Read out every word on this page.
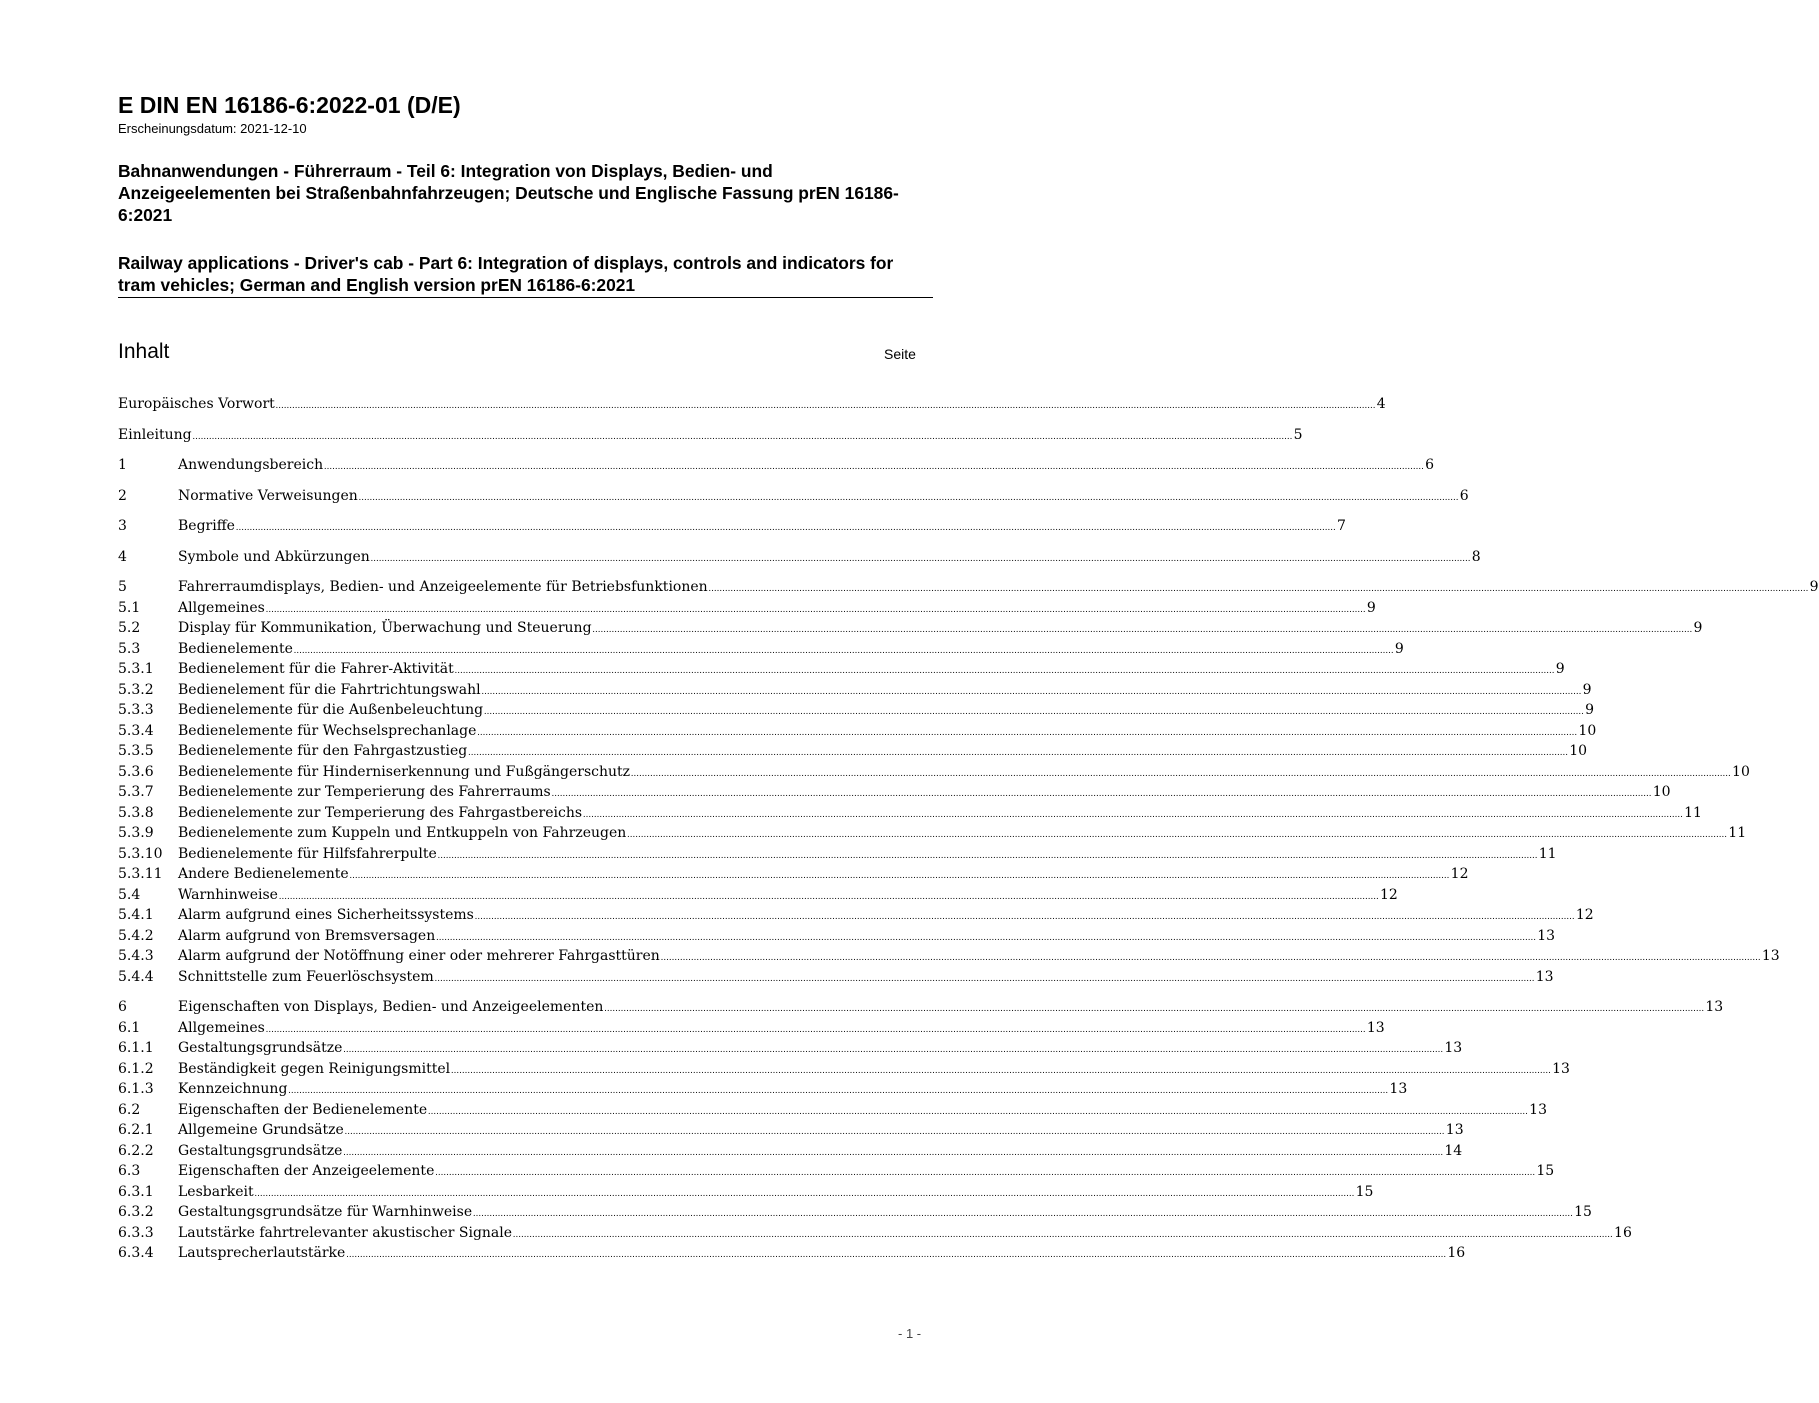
E DIN EN 16186-6:2022-01 (D/E)
Erscheinungsdatum: 2021-12-10
Bahnanwendungen - Führerraum - Teil 6: Integration von Displays, Bedien- und Anzeigeelementen bei Straßenbahnfahrzeugen; Deutsche und Englische Fassung prEN 16186-6:2021
Railway applications - Driver's cab - Part 6: Integration of displays, controls and indicators for tram vehicles; German and English version prEN 16186-6:2021
Inhalt	Seite
Europäisches Vorwort ................................................................................................................................................................................................................................................................................................................................................................................................................ 4
Einleitung ................................................................................................................................................................................................................................................................................................................................................................................................................ 5
1	Anwendungsbereich ................................................................................................................................................................................................................................................................................................................................................................................................................ 6
2	Normative Verweisungen ................................................................................................................................................................................................................................................................................................................................................................................................................ 6
3	Begriffe ................................................................................................................................................................................................................................................................................................................................................................................................................ 7
4	Symbole und Abkürzungen ................................................................................................................................................................................................................................................................................................................................................................................................................ 8
5	Fahrerraumdisplays, Bedien- und Anzeigeelemente für Betriebsfunktionen ................................................................................................................................................................................................................................................................................................................................................................................................................ 9
5.1	Allgemeines ................................................................................................................................................................................................................................................................................................................................................................................................................ 9
5.2	Display für Kommunikation, Überwachung und Steuerung ................................................................................................................................................................................................................................................................................................................................................................................................................ 9
5.3	Bedienelemente ................................................................................................................................................................................................................................................................................................................................................................................................................ 9
5.3.1	Bedienelement für die Fahrer-Aktivität ................................................................................................................................................................................................................................................................................................................................................................................................................ 9
5.3.2	Bedienelement für die Fahrtrichtungswahl ................................................................................................................................................................................................................................................................................................................................................................................................................ 9
5.3.3	Bedienelemente für die Außenbeleuchtung ................................................................................................................................................................................................................................................................................................................................................................................................................ 9
5.3.4	Bedienelemente für Wechselsprechanlage ................................................................................................................................................................................................................................................................................................................................................................................................................ 10
5.3.5	Bedienelemente für den Fahrgastzustieg ................................................................................................................................................................................................................................................................................................................................................................................................................ 10
5.3.6	Bedienelemente für Hinderniserkennung und Fußgängerschutz ................................................................................................................................................................................................................................................................................................................................................................................................................ 10
5.3.7	Bedienelemente zur Temperierung des Fahrerraums ................................................................................................................................................................................................................................................................................................................................................................................................................ 10
5.3.8	Bedienelemente zur Temperierung des Fahrgastbereichs ................................................................................................................................................................................................................................................................................................................................................................................................................ 11
5.3.9	Bedienelemente zum Kuppeln und Entkuppeln von Fahrzeugen ................................................................................................................................................................................................................................................................................................................................................................................................................ 11
5.3.10	Bedienelemente für Hilfsfahrerpulte ................................................................................................................................................................................................................................................................................................................................................................................................................ 11
5.3.11	Andere Bedienelemente ................................................................................................................................................................................................................................................................................................................................................................................................................ 12
5.4	Warnhinweise ................................................................................................................................................................................................................................................................................................................................................................................................................ 12
5.4.1	Alarm aufgrund eines Sicherheitssystems ................................................................................................................................................................................................................................................................................................................................................................................................................ 12
5.4.2	Alarm aufgrund von Bremsversagen ................................................................................................................................................................................................................................................................................................................................................................................................................ 13
5.4.3	Alarm aufgrund der Notöffnung einer oder mehrerer Fahrgasttüren ................................................................................................................................................................................................................................................................................................................................................................................................................ 13
5.4.4	Schnittstelle zum Feuerlöschsystem ................................................................................................................................................................................................................................................................................................................................................................................................................ 13
6	Eigenschaften von Displays, Bedien- und Anzeigeelementen ................................................................................................................................................................................................................................................................................................................................................................................................................ 13
6.1	Allgemeines ................................................................................................................................................................................................................................................................................................................................................................................................................ 13
6.1.1	Gestaltungsgrundsätze ................................................................................................................................................................................................................................................................................................................................................................................................................ 13
6.1.2	Beständigkeit gegen Reinigungsmittel ................................................................................................................................................................................................................................................................................................................................................................................................................ 13
6.1.3	Kennzeichnung ................................................................................................................................................................................................................................................................................................................................................................................................................ 13
6.2	Eigenschaften der Bedienelemente ................................................................................................................................................................................................................................................................................................................................................................................................................ 13
6.2.1	Allgemeine Grundsätze ................................................................................................................................................................................................................................................................................................................................................................................................................ 13
6.2.2	Gestaltungsgrundsätze ................................................................................................................................................................................................................................................................................................................................................................................................................ 14
6.3	Eigenschaften der Anzeigeelemente ................................................................................................................................................................................................................................................................................................................................................................................................................ 15
6.3.1	Lesbarkeit ................................................................................................................................................................................................................................................................................................................................................................................................................ 15
6.3.2	Gestaltungsgrundsätze für Warnhinweise ................................................................................................................................................................................................................................................................................................................................................................................................................ 15
6.3.3	Lautstärke fahrtrelevanter akustischer Signale ................................................................................................................................................................................................................................................................................................................................................................................................................ 16
6.3.4	Lautsprecherlautstärke ................................................................................................................................................................................................................................................................................................................................................................................................................ 16
- 1 -
